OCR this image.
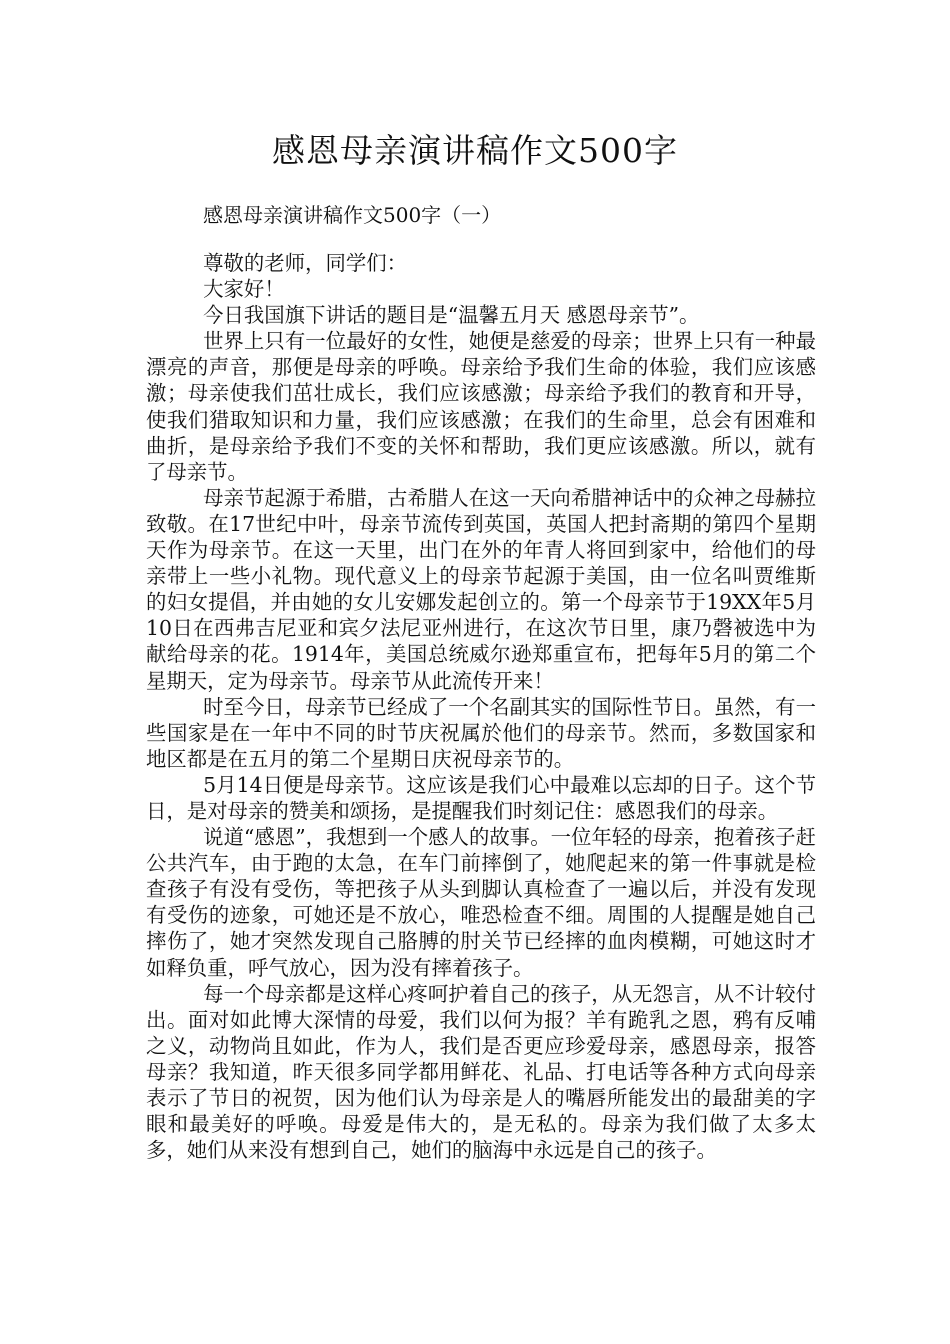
感恩母亲演讲稿作文500字
感恩母亲演讲稿作文500字（一）

尊敬的老师，同学们：

大家好！

今日我国旗下讲话的题目是“温馨五月天 感恩母亲节”。

世界上只有一位最好的女性，她便是慈爱的母亲；世界上只有一种最漂亮的声音，那便是母亲的呼唤。母亲给予我们生命的体验，我们应该感激；母亲使我们茁壮成长，我们应该感激；母亲给予我们的教育和开导，使我们猎取知识和力量，我们应该感激；在我们的生命里，总会有困难和曲折，是母亲给予我们不变的关怀和帮助，我们更应该感激。所以，就有了母亲节。

母亲节起源于希腊，古希腊人在这一天向希腊神话中的众神之母赫拉致敬。在17世纪中叶，母亲节流传到英国，英国人把封斋期的第四个星期天作为母亲节。在这一天里，出门在外的年青人将回到家中，给他们的母亲带上一些小礼物。现代意义上的母亲节起源于美国，由一位名叫贾维斯的妇女提倡，并由她的女儿安娜发起创立的。第一个母亲节于19XX年5月10日在西弗吉尼亚和宾夕法尼亚州进行，在这次节日里，康乃磬被选中为献给母亲的花。1914年，美国总统威尔逊郑重宣布，把每年5月的第二个星期天，定为母亲节。母亲节从此流传开来！

时至今日，母亲节已经成了一个名副其实的国际性节日。虽然，有一些国家是在一年中不同的时节庆祝属於他们的母亲节。然而，多数国家和地区都是在五月的第二个星期日庆祝母亲节的。

5月14日便是母亲节。这应该是我们心中最难以忘却的日子。这个节日，是对母亲的赞美和颂扬，是提醒我们时刻记住：感恩我们的母亲。

说道“感恩”，我想到一个感人的故事。一位年轻的母亲，抱着孩子赶公共汽车，由于跑的太急，在车门前摔倒了，她爬起来的第一件事就是检查孩子有没有受伤，等把孩子从头到脚认真检查了一遍以后，并没有发现有受伤的迹象，可她还是不放心，唯恐检查不细。周围的人提醒是她自己摔伤了，她才突然发现自己胳膊的肘关节已经摔的血肉模糊，可她这时才如释负重，呼气放心，因为没有摔着孩子。

每一个母亲都是这样心疼呵护着自己的孩子，从无怨言，从不计较付出。面对如此博大深情的母爱，我们以何为报？羊有跪乳之恩，鸦有反哺之义，动物尚且如此，作为人，我们是否更应珍爱母亲，感恩母亲，报答母亲？我知道，昨天很多同学都用鲜花、礼品、打电话等各种方式向母亲表示了节日的祝贺，因为他们认为母亲是人的嘴唇所能发出的最甜美的字眼和最美好的呼唤。母爱是伟大的，是无私的。母亲为我们做了太多太多，她们从来没有想到自己，她们的脑海中永远是自己的孩子。
